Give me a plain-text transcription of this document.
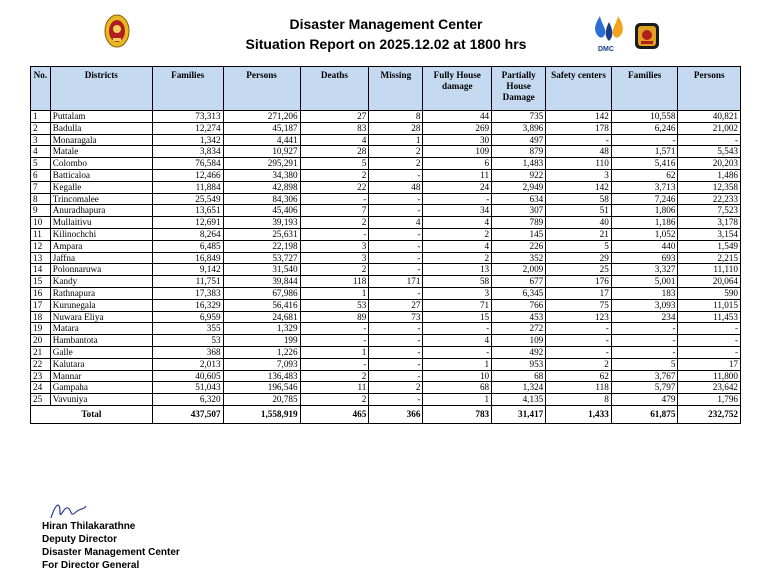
DMC
Disaster Management Center
Situation Report on 2025.12.02 at 1800 hrs
No.	Districts	Families	Persons	Deaths	Missing	Fully House damage	Partially House Damage	Safety centers	Families	Persons
1	Puttalam	73,313	271,206	27	8	44	735	142	10,558	40,821
2	Badulla	12,274	45,187	83	28	269	3,896	178	6,246	21,002
3	Monaragala	1,342	4,441	4	1	30	497	-	-	-
4	Matale	3,834	10,927	28	2	109	879	48	1,571	5,543
5	Colombo	76,584	295,291	5	2	6	1,483	110	5,416	20,203
6	Batticaloa	12,466	34,380	2	-	11	922	3	62	1,486
7	Kegalle	11,884	42,898	22	48	24	2,949	142	3,713	12,358
8	Trincomalee	25,549	84,306	-	-	-	634	58	7,246	22,233
9	Anuradhapura	13,651	45,406	7	-	34	307	51	1,806	7,523
10	Mullaitivu	12,691	39,193	2	4	4	789	40	1,186	3,178
11	Kilinochchi	8,264	25,631	-	-	2	145	21	1,052	3,154
12	Ampara	6,485	22,198	3	-	4	226	5	440	1,549
13	Jaffna	16,849	53,727	3	-	2	352	29	693	2,215
14	Polonnaruwa	9,142	31,540	2	-	13	2,009	25	3,327	11,110
15	Kandy	11,751	39,844	118	171	58	677	176	5,001	20,064
16	Rathnapura	17,383	67,986	1	-	3	6,345	17	183	590
17	Kurunegala	16,329	56,416	53	27	71	766	75	3,093	11,015
18	Nuwara Eliya	6,959	24,681	89	73	15	453	123	234	11,453
19	Matara	355	1,329	-	-	-	272	-	-	-
20	Hambantota	53	199	-	-	4	109	-	-	-
21	Galle	368	1,226	1	-	-	492	-	-	-
22	Kalutara	2,013	7,093	-	-	1	953	2	5	17
23	Mannar	40,605	136,483	2	-	10	68	62	3,767	11,800
24	Gampaha	51,043	196,546	11	2	68	1,324	118	5,797	23,642
25	Vavuniya	6,320	20,785	2	-	1	4,135	8	479	1,796
Total		437,507	1,558,919	465	366	783	31,417	1,433	61,875	232,752
Hiran Thilakarathne
Deputy Director
Disaster Management Center
For Director General
